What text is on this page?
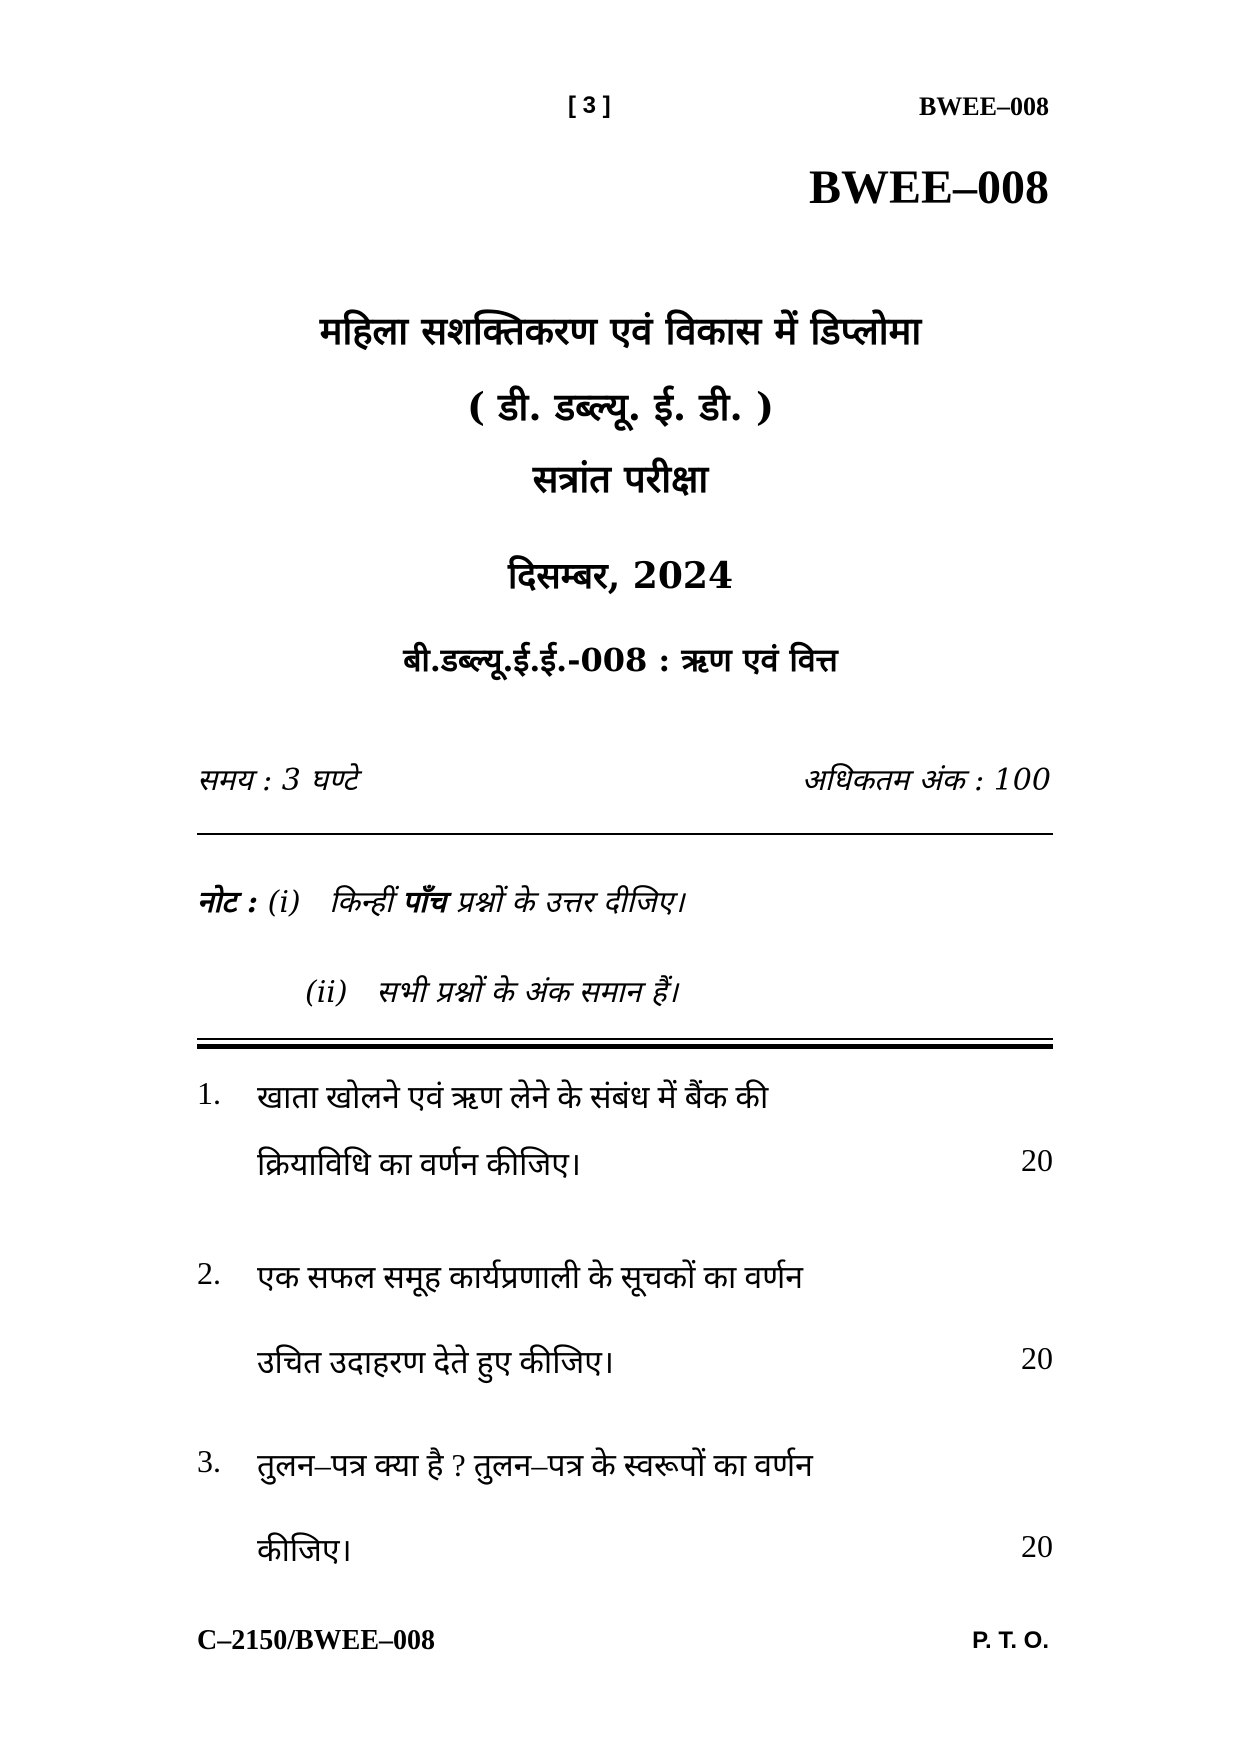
[ 3 ]	BWEE–008
BWEE–008
महिला सशक्तिकरण एवं विकास में डिप्लोमा
( डी. डब्ल्यू. ई. डी. )
सत्रांत परीक्षा
दिसम्बर, 2024
बी.डब्ल्यू.ई.ई.-008 : ऋण एवं वित्त
समय : 3 घण्टे	अधिकतम अंक : 100
नोट : (i) किन्हीं पाँच प्रश्नों के उत्तर दीजिए।
(ii) सभी प्रश्नों के अंक समान हैं।
1.	खाता खोलने एवं ऋण लेने के संबंध में बैंक की
क्रियाविधि का वर्णन कीजिए।	20
2.	एक सफल समूह कार्यप्रणाली के सूचकों का वर्णन
उचित उदाहरण देते हुए कीजिए।	20
3.	तुलन–पत्र क्या है ? तुलन–पत्र के स्वरूपों का वर्णन
कीजिए।	20
C–2150/BWEE–008	P. T. O.
